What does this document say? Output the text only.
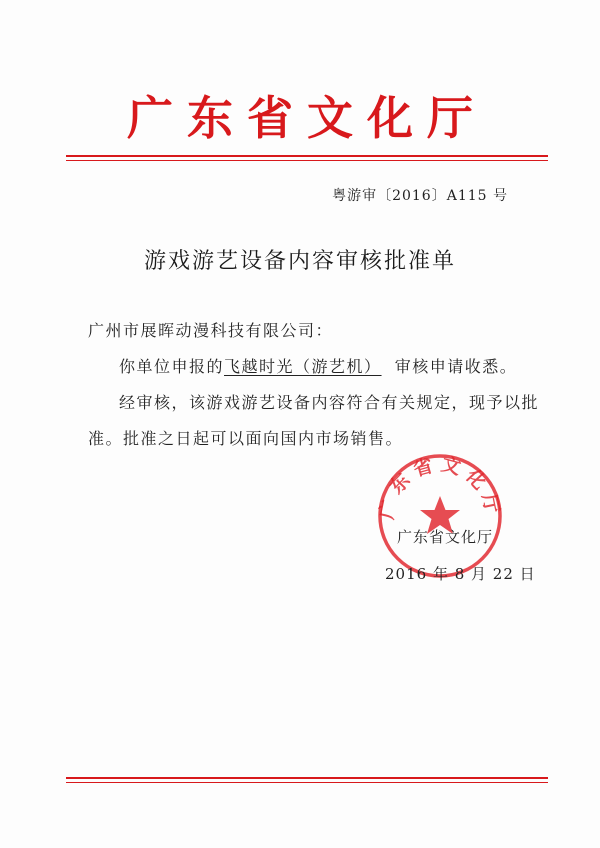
广东省文化厅
粤游审〔2016〕A115 号
游戏游艺设备内容审核批准单
广州市展晖动漫科技有限公司：
你单位申报的飞越时光（游艺机） 审核申请收悉。
经审核，该游戏游艺设备内容符合有关规定，现予以批
准。批准之日起可以面向国内市场销售。
广东省文化厅
广东省文化厅
2016 年 8 月 22 日
